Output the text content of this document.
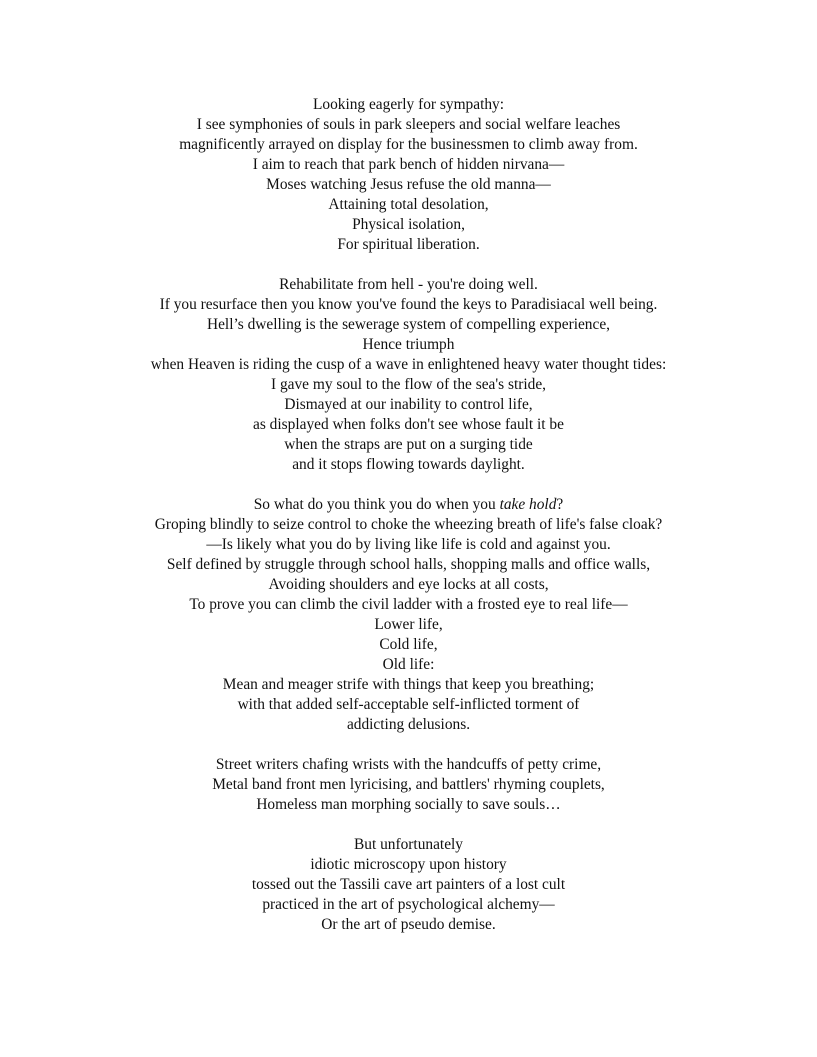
Looking eagerly for sympathy:
I see symphonies of souls in park sleepers and social welfare leaches
magnificently arrayed on display for the businessmen to climb away from.
I aim to reach that park bench of hidden nirvana—
Moses watching Jesus refuse the old manna—
Attaining total desolation,
Physical isolation,
For spiritual liberation.
Rehabilitate from hell - you're doing well.
If you resurface then you know you've found the keys to Paradisiacal well being.
Hell’s dwelling is the sewerage system of compelling experience,
Hence triumph
when Heaven is riding the cusp of a wave in enlightened heavy water thought tides:
I gave my soul to the flow of the sea's stride,
Dismayed at our inability to control life,
as displayed when folks don't see whose fault it be
when the straps are put on a surging tide
and it stops flowing towards daylight.
So what do you think you do when you take hold?
Groping blindly to seize control to choke the wheezing breath of life's false cloak?
—Is likely what you do by living like life is cold and against you.
Self defined by struggle through school halls, shopping malls and office walls,
Avoiding shoulders and eye locks at all costs,
To prove you can climb the civil ladder with a frosted eye to real life—
Lower life,
Cold life,
Old life:
Mean and meager strife with things that keep you breathing;
with that added self-acceptable self-inflicted torment of
addicting delusions.
Street writers chafing wrists with the handcuffs of petty crime,
Metal band front men lyricising, and battlers' rhyming couplets,
Homeless man morphing socially to save souls…
But unfortunately
idiotic microscopy upon history
tossed out the Tassili cave art painters of a lost cult
practiced in the art of psychological alchemy—
Or the art of pseudo demise.
